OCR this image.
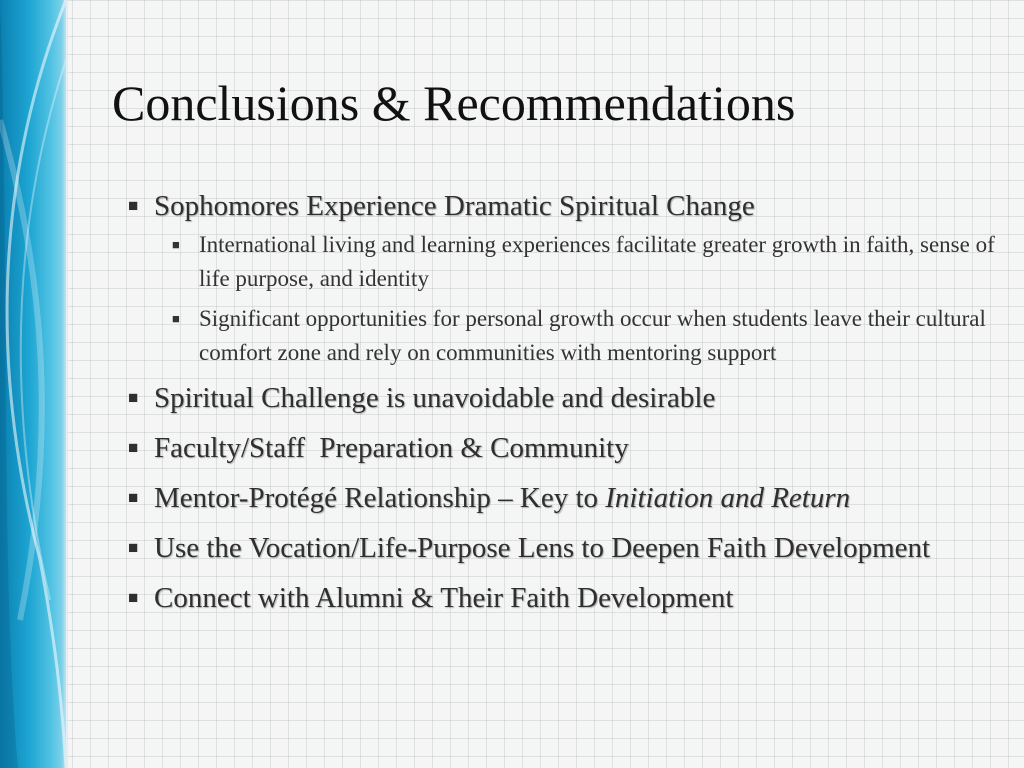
Conclusions & Recommendations
■ Sophomores Experience Dramatic Spiritual Change
■ International living and learning experiences facilitate greater growth in faith, sense of life purpose, and identity
■ Significant opportunities for personal growth occur when students leave their cultural comfort zone and rely on communities with mentoring support
■ Spiritual Challenge is unavoidable and desirable
■ Faculty/Staff  Preparation & Community
■ Mentor-Protégé Relationship – Key to Initiation and Return
■ Use the Vocation/Life-Purpose Lens to Deepen Faith Development
■ Connect with Alumni & Their Faith Development
